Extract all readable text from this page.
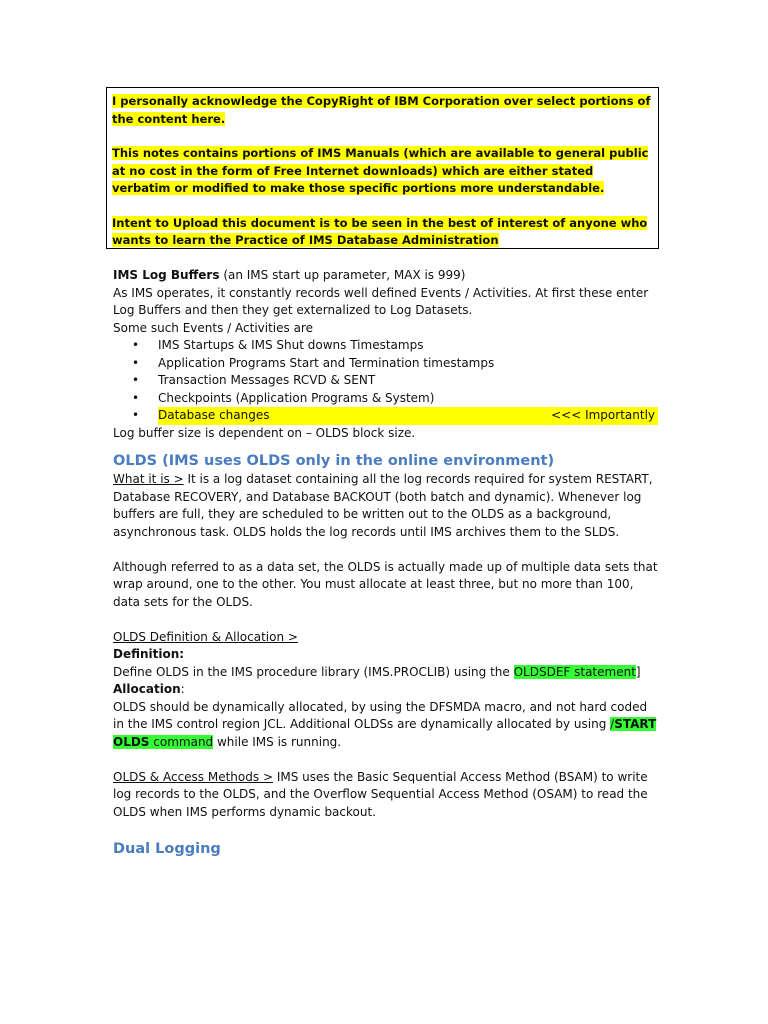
I personally acknowledge the CopyRight of IBM Corporation over select portions of the content here.

This notes contains portions of IMS Manuals (which are available to general public at no cost in the form of Free Internet downloads) which are either stated verbatim or modified to make those specific portions more understandable.

Intent to Upload this document is to be seen in the best of interest of anyone who wants to learn the Practice of IMS Database Administration

IMS Log Buffers (an IMS start up parameter, MAX is 999)

As IMS operates, it constantly records well defined Events / Activities. At first these enter Log Buffers and then they get externalized to Log Datasets.

Some such Events / Activities are

• IMS Startups & IMS Shut downs Timestamps
• Application Programs Start and Termination timestamps
• Transaction Messages RCVD & SENT
• Checkpoints (Application Programs & System)
• Database changes	<<< Importantly

Log buffer size is dependent on – OLDS block size.

OLDS (IMS uses OLDS only in the online environment)

What it is > It is a log dataset containing all the log records required for system RESTART, Database RECOVERY, and Database BACKOUT (both batch and dynamic). Whenever log buffers are full, they are scheduled to be written out to the OLDS as a background, asynchronous task. OLDS holds the log records until IMS archives them to the SLDS.

Although referred to as a data set, the OLDS is actually made up of multiple data sets that wrap around, one to the other. You must allocate at least three, but no more than 100, data sets for the OLDS.

OLDS Definition & Allocation >

Definition:

Define OLDS in the IMS procedure library (IMS.PROCLIB) using the OLDSDEF statement]

Allocation:

OLDS should be dynamically allocated, by using the DFSMDA macro, and not hard coded in the IMS control region JCL. Additional OLDSs are dynamically allocated by using /START OLDS command while IMS is running.

OLDS & Access Methods > IMS uses the Basic Sequential Access Method (BSAM) to write log records to the OLDS, and the Overflow Sequential Access Method (OSAM) to read the OLDS when IMS performs dynamic backout.

Dual Logging
